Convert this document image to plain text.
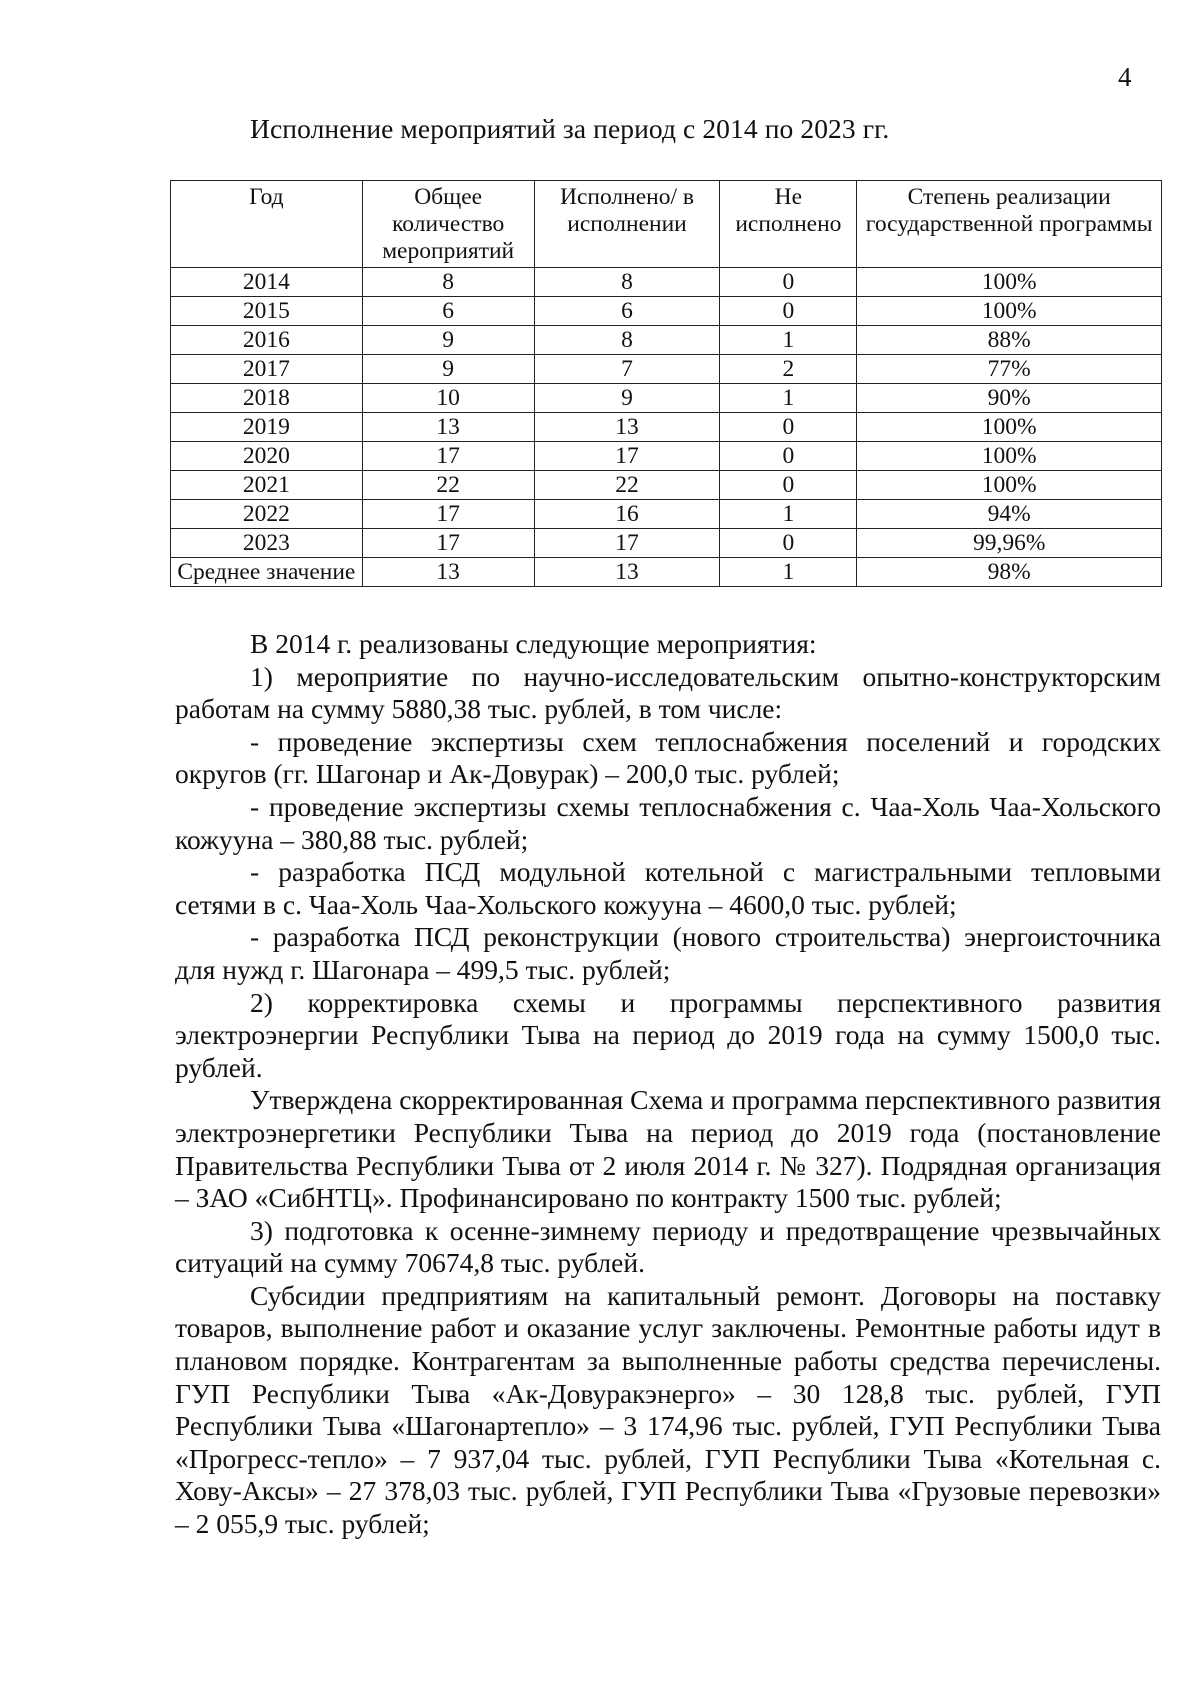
4
Исполнение мероприятий за период с 2014 по 2023 гг.
Год	Общее количество мероприятий	Исполнено/ в исполнении	Не исполнено	Степень реализации государственной программы
2014	8	8	0	100%
2015	6	6	0	100%
2016	9	8	1	88%
2017	9	7	2	77%
2018	10	9	1	90%
2019	13	13	0	100%
2020	17	17	0	100%
2021	22	22	0	100%
2022	17	16	1	94%
2023	17	17	0	99,96%
Среднее значение	13	13	1	98%

В 2014 г. реализованы следующие мероприятия:

1) мероприятие по научно-исследовательским опытно-конструкторским работам на сумму 5880,38 тыс. рублей, в том числе:

- проведение экспертизы схем теплоснабжения поселений и городских округов (гг. Шагонар и Ак-Довурак) – 200,0 тыс. рублей;

- проведение экспертизы схемы теплоснабжения с. Чаа-Холь Чаа-Хольского кожууна – 380,88 тыс. рублей;

- разработка ПСД модульной котельной с магистральными тепловыми сетями в с. Чаа-Холь Чаа-Хольского кожууна – 4600,0 тыс. рублей;

- разработка ПСД реконструкции (нового строительства) энергоисточника для нужд г. Шагонара – 499,5 тыс. рублей;

2) корректировка схемы и программы перспективного развития электроэнергии Республики Тыва на период до 2019 года на сумму 1500,0 тыс. рублей.

Утверждена скорректированная Схема и программа перспективного развития электроэнергетики Республики Тыва на период до 2019 года (постановление Правительства Республики Тыва от 2 июля 2014 г. № 327). Подрядная организация – ЗАО «СибНТЦ». Профинансировано по контракту 1500 тыс. рублей;

3) подготовка к осенне-зимнему периоду и предотвращение чрезвычайных ситуаций на сумму 70674,8 тыс. рублей.

Субсидии предприятиям на капитальный ремонт. Договоры на поставку товаров, выполнение работ и оказание услуг заключены. Ремонтные работы идут в плановом порядке. Контрагентам за выполненные работы средства перечислены. ГУП Республики Тыва «Ак-Довуракэнерго» – 30 128,8 тыс. рублей, ГУП Республики Тыва «Шагонартепло» – 3 174,96 тыс. рублей, ГУП Республики Тыва «Прогресс-тепло» – 7 937,04 тыс. рублей, ГУП Республики Тыва «Котельная с. Хову-Аксы» – 27 378,03 тыс. рублей, ГУП Республики Тыва «Грузовые перевозки» – 2 055,9 тыс. рублей;
